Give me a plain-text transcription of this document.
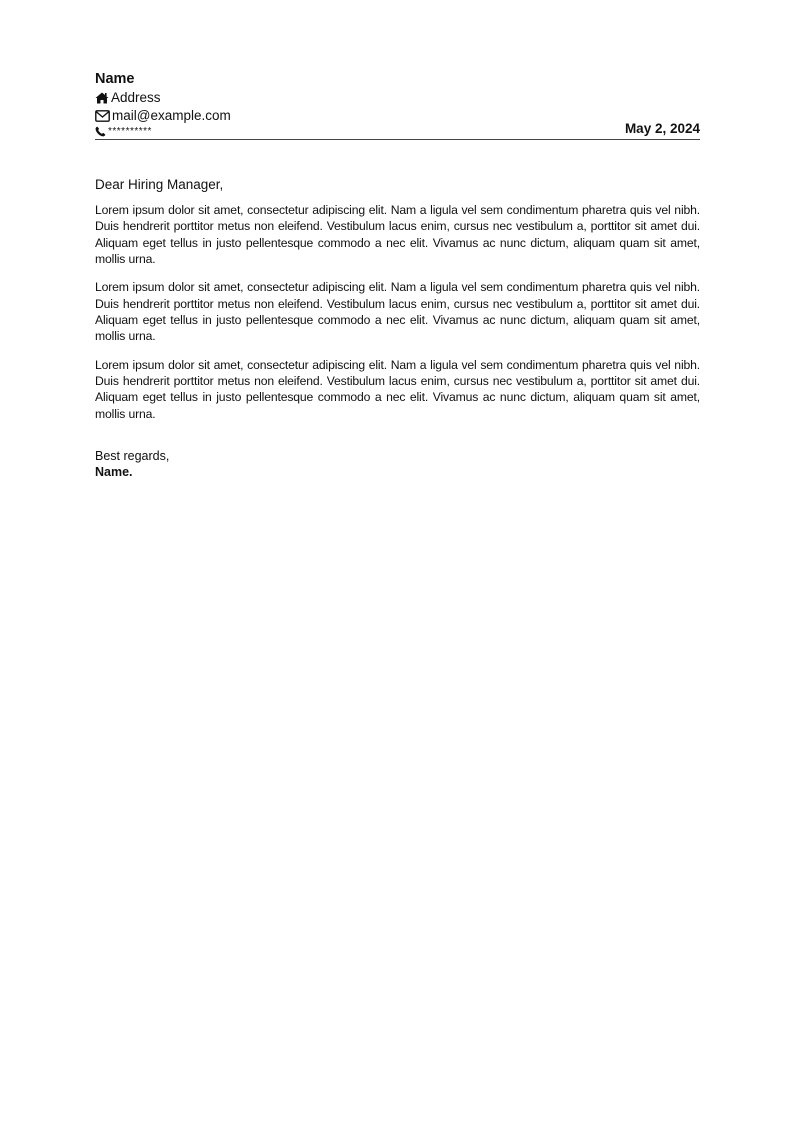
Name
Address
mail@example.com
**********	May 2, 2024
Dear Hiring Manager,

Lorem ipsum dolor sit amet, consectetur adipiscing elit. Nam a ligula vel sem condimentum pharetra quis vel nibh. Duis hendrerit porttitor metus non eleifend. Vestibulum lacus enim, cursus nec vestibulum a, porttitor sit amet dui. Aliquam eget tellus in justo pellentesque commodo a nec elit. Vivamus ac nunc dictum, aliquam quam sit amet, mollis urna.

Lorem ipsum dolor sit amet, consectetur adipiscing elit. Nam a ligula vel sem condimentum pharetra quis vel nibh. Duis hendrerit porttitor metus non eleifend. Vestibulum lacus enim, cursus nec vestibulum a, porttitor sit amet dui. Aliquam eget tellus in justo pellentesque commodo a nec elit. Vivamus ac nunc dictum, aliquam quam sit amet, mollis urna.

Lorem ipsum dolor sit amet, consectetur adipiscing elit. Nam a ligula vel sem condimentum pharetra quis vel nibh. Duis hendrerit porttitor metus non eleifend. Vestibulum lacus enim, cursus nec vestibulum a, porttitor sit amet dui. Aliquam eget tellus in justo pellentesque commodo a nec elit. Vivamus ac nunc dictum, aliquam quam sit amet, mollis urna.

Best regards,
Name.
